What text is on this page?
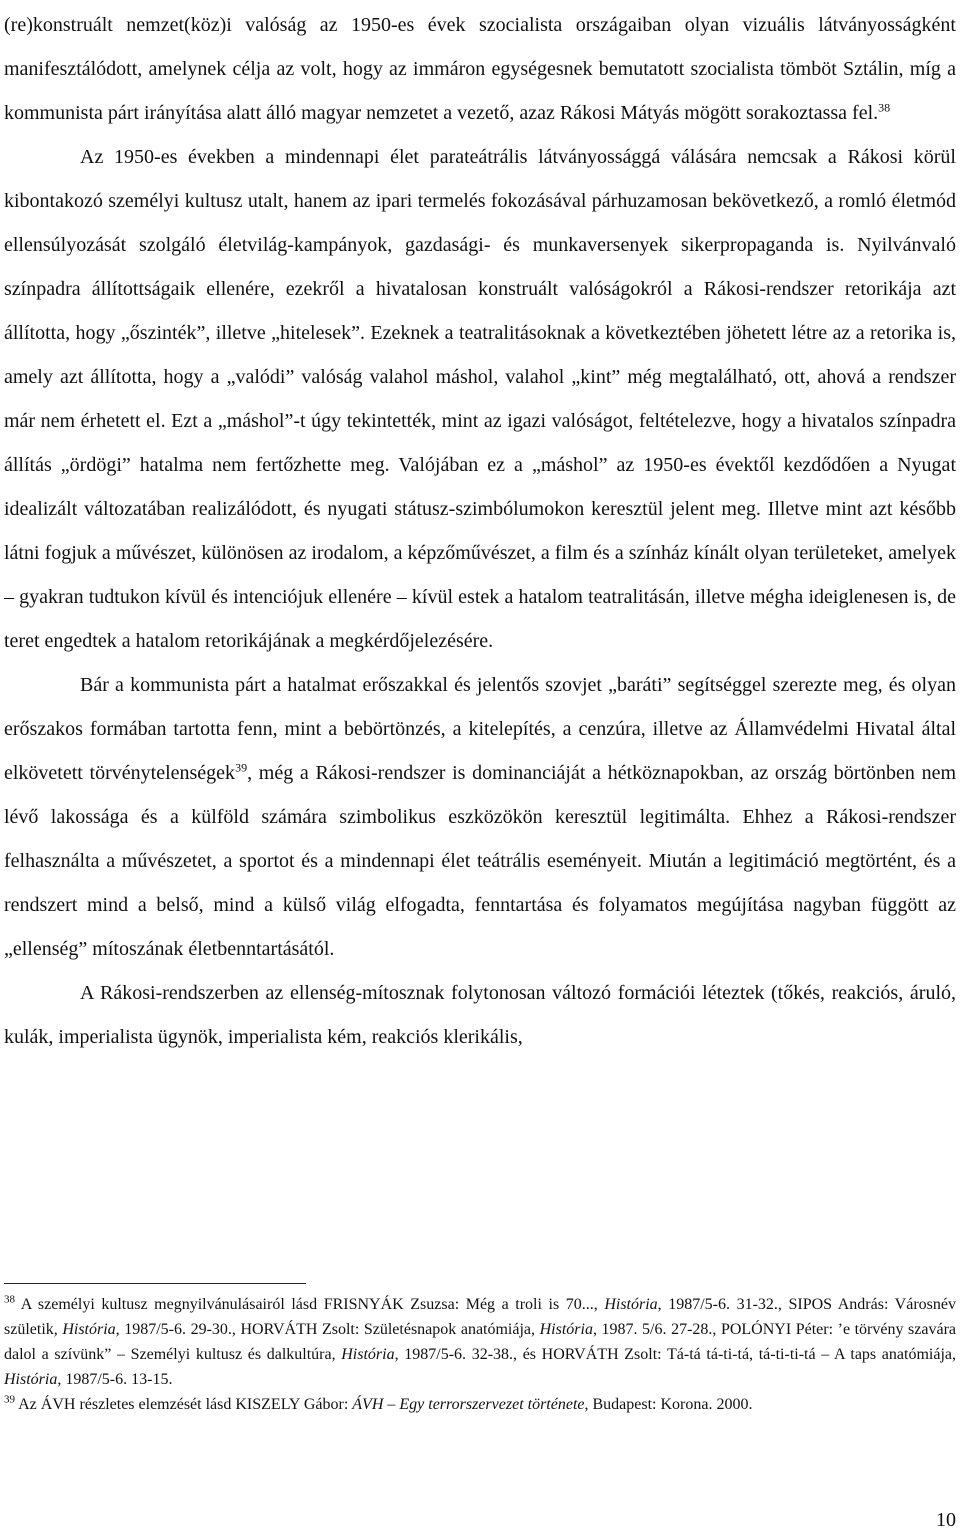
(re)konstruált nemzet(köz)i valóság az 1950-es évek szocialista országaiban olyan vizuális látványosságként manifesztálódott, amelynek célja az volt, hogy az immáron egységesnek bemutatott szocialista tömböt Sztálin, míg a kommunista párt irányítása alatt álló magyar nemzetet a vezető, azaz Rákosi Mátyás mögött sorakoztassa fel.$^{38}$

Az 1950-es években a mindennapi élet parateátrális látványossággá válására nemcsak a Rákosi körül kibontakozó személyi kultusz utalt, hanem az ipari termelés fokozásával párhuzamosan bekövetkező, a romló életmód ellensúlyozását szolgáló életvilág-kampányok, gazdasági- és munkaversenyek sikerpropaganda is. Nyilvánvaló színpadra állítottságaik ellenére, ezekről a hivatalosan konstruált valóságokról a Rákosi-rendszer retorikája azt állította, hogy „őszinték”, illetve „hitelesek”. Ezeknek a teatralitásoknak a következtében jöhetett létre az a retorika is, amely azt állította, hogy a „valódi” valóság valahol máshol, valahol „kint” még megtalálható, ott, ahová a rendszer már nem érhetett el. Ezt a „máshol”-t úgy tekintették, mint az igazi valóságot, feltételezve, hogy a hivatalos színpadra állítás „ördögi” hatalma nem fertőzhette meg. Valójában ez a „máshol” az 1950-es évektől kezdődően a Nyugat idealizált változatában realizálódott, és nyugati státusz-szimbólumokon keresztül jelent meg. Illetve mint azt később látni fogjuk a művészet, különösen az irodalom, a képzőművészet, a film és a színház kínált olyan területeket, amelyek – gyakran tudtukon kívül és intenciójuk ellenére – kívül estek a hatalom teatralitásán, illetve mégha ideiglenesen is, de teret engedtek a hatalom retorikájának a megkérdőjelezésére.

Bár a kommunista párt a hatalmat erőszakkal és jelentős szovjet „baráti” segítséggel szerezte meg, és olyan erőszakos formában tartotta fenn, mint a bebörtönzés, a kitelepítés, a cenzúra, illetve az Államvédelmi Hivatal által elkövetett törvénytelenségek$^{39}$, még a Rákosi-rendszer is dominanciáját a hétköznapokban, az ország börtönben nem lévő lakossága és a külföld számára szimbolikus eszközökön keresztül legitimálta. Ehhez a Rákosi-rendszer felhasználta a művészetet, a sportot és a mindennapi élet teátrális eseményeit. Miután a legitimáció megtörtént, és a rendszert mind a belső, mind a külső világ elfogadta, fenntartása és folyamatos megújítása nagyban függött az „ellenség” mítoszának életbenntartásától.

A Rákosi-rendszerben az ellenség-mítosznak folytonosan változó formációi léteztek (tőkés, reakciós, áruló, kulák, imperialista ügynök, imperialista kém, reakciós klerikális,

$^{38}$ A személyi kultusz megnyilvánulásairól lásd FRISNYÁK Zsuzsa: Még a troli is 70..., História, 1987/5-6. 31-32., SIPOS András: Városnév születik, História, 1987/5-6. 29-30., HORVÁTH Zsolt: Születésnapok anatómiája, História, 1987. 5/6. 27-28., POLÓNYI Péter: ’e törvény szavára dalol a szívünk” – Személyi kultusz és dalkultúra, História, 1987/5-6. 32-38., és HORVÁTH Zsolt: Tá-tá tá-ti-tá, tá-ti-ti-tá – A taps anatómiája, História, 1987/5-6. 13-15.

$^{39}$ Az ÁVH részletes elemzését lásd KISZELY Gábor: ÁVH – Egy terrorszervezet története, Budapest: Korona. 2000.

10
